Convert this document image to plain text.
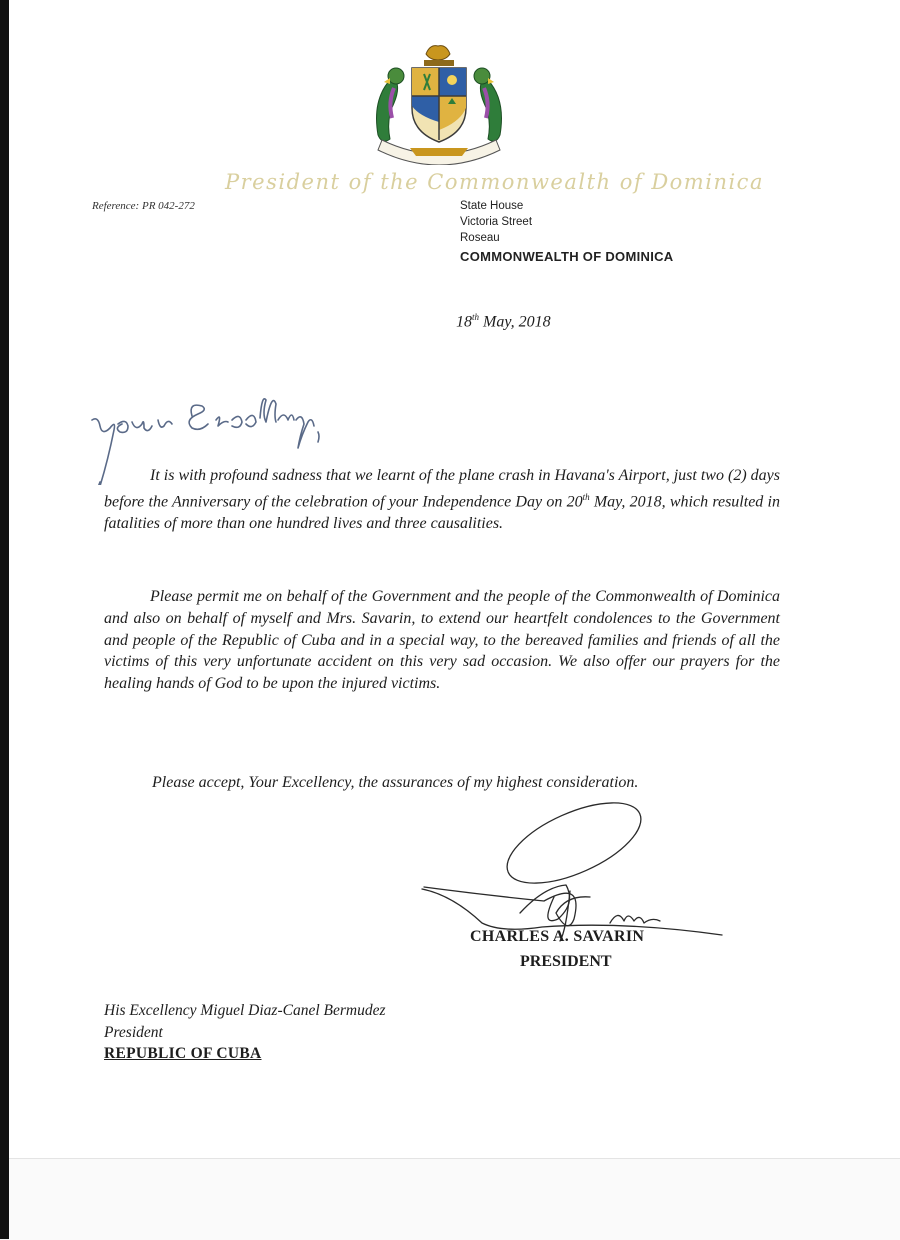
President of the Commonwealth of Dominica
Reference: PR 042-272	State House
Victoria Street
Roseau
COMMONWEALTH OF DOMINICA
18th May, 2018

It is with profound sadness that we learnt of the plane crash in Havana's Airport, just two (2) days before the Anniversary of the celebration of your Independence Day on 20th May, 2018, which resulted in fatalities of more than one hundred lives and three causalities.

Please permit me on behalf of the Government and the people of the Commonwealth of Dominica and also on behalf of myself and Mrs. Savarin, to extend our heartfelt condolences to the Government and people of the Republic of Cuba and in a special way, to the bereaved families and friends of all the victims of this very unfortunate accident on this very sad occasion. We also offer our prayers for the healing hands of God to be upon the injured victims.

Please accept, Your Excellency, the assurances of my highest consideration.
CHARLES A. SAVARIN
PRESIDENT
His Excellency Miguel Diaz-Canel Bermudez
President
REPUBLIC OF CUBA
